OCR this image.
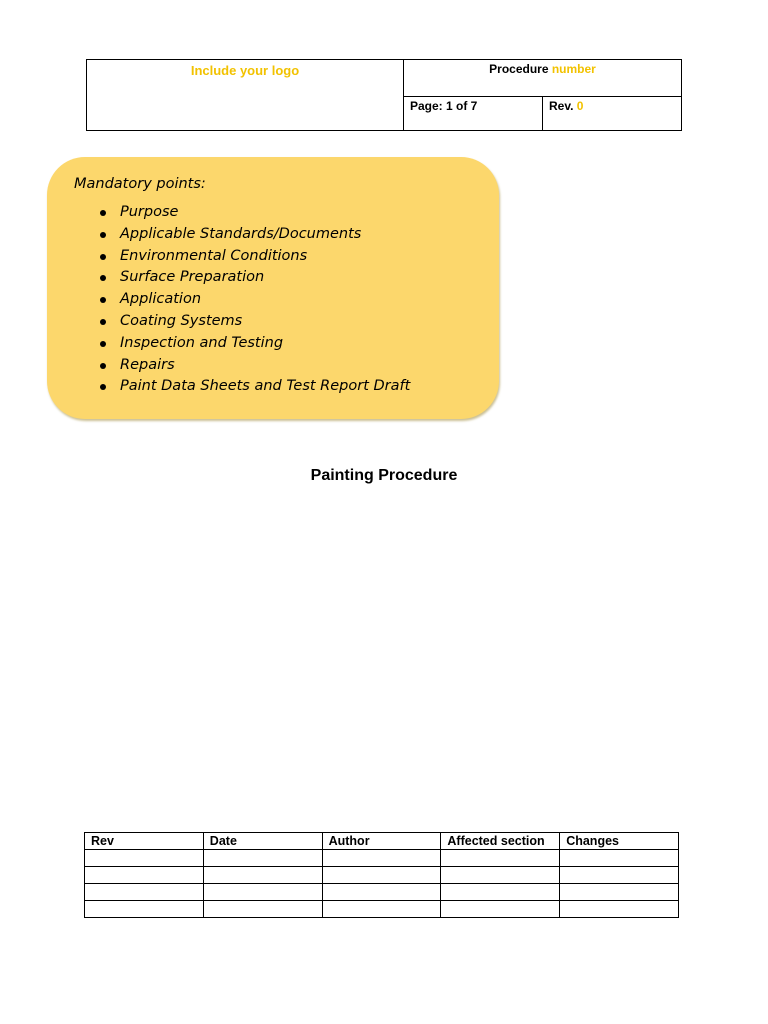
Include your logo	Procedure number	

	Page: 1 of 7	Rev. 0
Mandatory points:
Purpose
Applicable Standards/Documents
Environmental Conditions
Surface Preparation
Application
Coating Systems
Inspection and Testing
Repairs
Paint Data Sheets and Test Report Draft
Painting Procedure
Rev	Date	Author	Affected section	Changes
